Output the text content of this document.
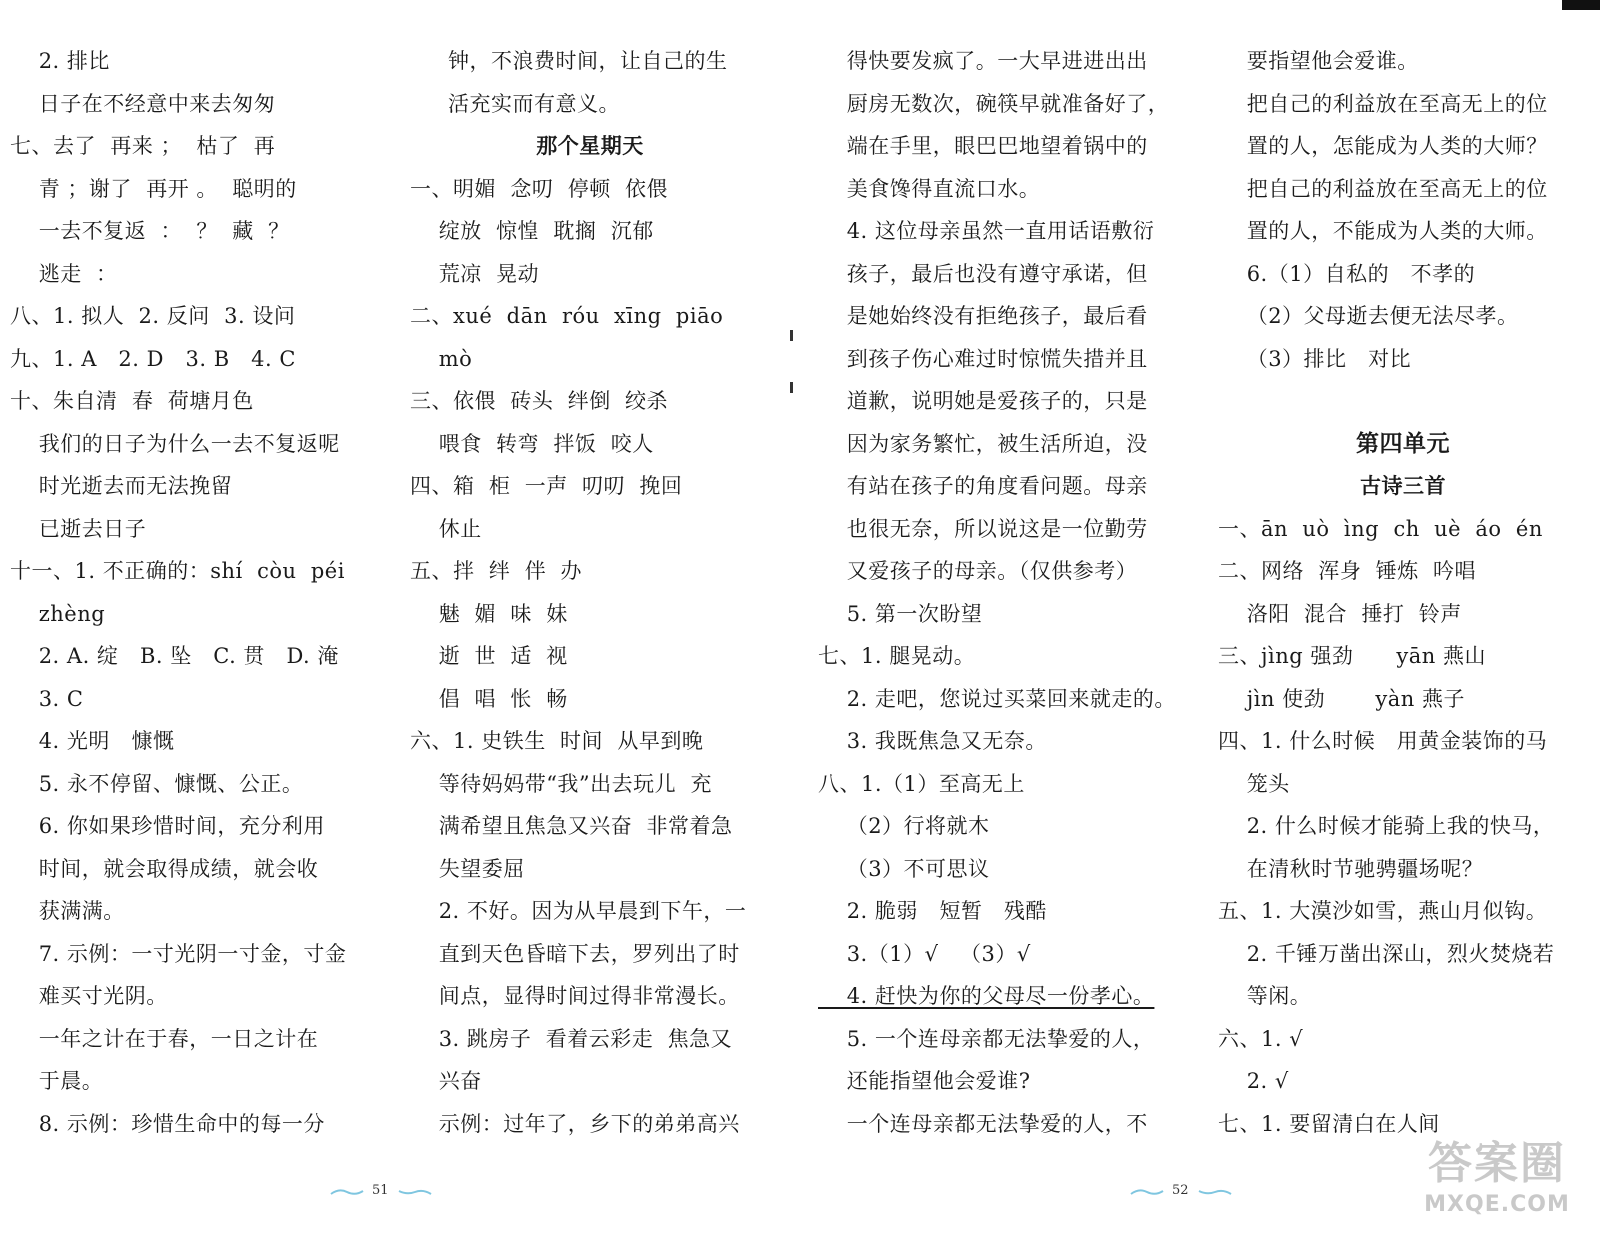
2. 排比
日子在不经意中来去匆匆
七、去了  再来 ；  枯了  再
青 ；谢了  再开 。  聪明的
一去不复返  ：  ？  藏  ？
逃走  ：
八、1. 拟人  2. 反问  3. 设问
九、1. A   2. D   3. B   4. C
十、朱自清  春  荷塘月色
我们的日子为什么一去不复返呢
时光逝去而无法挽留
已逝去日子
十一、1. 不正确的：shí  còu  péi
zhèng
2. A. 绽   B. 坠   C. 贯   D. 淹
3. C
4. 光明   慷慨
5. 永不停留、慷慨、公正。
6. 你如果珍惜时间，充分利用
时间，就会取得成绩，就会收
获满满。
7. 示例：一寸光阴一寸金，寸金
难买寸光阴。
一年之计在于春，一日之计在
于晨。
8. 示例：珍惜生命中的每一分
钟，不浪费时间，让自己的生
活充实而有意义。
那个星期天
一、明媚  念叨  停顿  依偎
绽放  惊惶  耽搁  沉郁
荒凉  晃动
二、xué  dān  róu  xīng  piāo
mò
三、依偎  砖头  绊倒  绞杀
喂食  转弯  拌饭  咬人
四、箱  柜  一声  叨叨  挽回
休止
五、拌  绊  伴  办
魅  媚  味  妹
逝  世  适  视
倡  唱  怅  畅
六、1. 史铁生  时间  从早到晚
等待妈妈带“我”出去玩儿  充
满希望且焦急又兴奋  非常着急
失望委屈
2. 不好。因为从早晨到下午，一
直到天色昏暗下去，罗列出了时
间点，显得时间过得非常漫长。
3. 跳房子  看着云彩走  焦急又
兴奋
示例：过年了，乡下的弟弟高兴
51
得快要发疯了。一大早进进出出
厨房无数次，碗筷早就准备好了，
端在手里，眼巴巴地望着锅中的
美食馋得直流口水。
4. 这位母亲虽然一直用话语敷衍
孩子，最后也没有遵守承诺，但
是她始终没有拒绝孩子，最后看
到孩子伤心难过时惊慌失措并且
道歉，说明她是爱孩子的，只是
因为家务繁忙，被生活所迫，没
有站在孩子的角度看问题。母亲
也很无奈，所以说这是一位勤劳
又爱孩子的母亲。（仅供参考）
5. 第一次盼望
七、1. 腿晃动。
2. 走吧，您说过买菜回来就走的。
3. 我既焦急又无奈。
八、1.（1）至高无上
（2）行将就木
（3）不可思议
2. 脆弱   短暂   残酷
3.（1）√   （3）√
4. 赶快为你的父母尽一份孝心。
5. 一个连母亲都无法挚爱的人，
还能指望他会爱谁?
一个连母亲都无法挚爱的人，不
要指望他会爱谁。
把自己的利益放在至高无上的位
置的人，怎能成为人类的大师？
把自己的利益放在至高无上的位
置的人，不能成为人类的大师。
6.（1）自私的   不孝的
（2）父母逝去便无法尽孝。
（3）排比   对比
第四单元
古诗三首
一、ān  uò  ìng  ch  uè  áo  én
二、网络  浑身  锤炼  吟唱
洛阳  混合  捶打  铃声
三、jìng 强劲      yān 燕山
jìn 使劲       yàn 燕子
四、1. 什么时候   用黄金装饰的马
笼头
2. 什么时候才能骑上我的快马，
在清秋时节驰骋疆场呢？
五、1. 大漠沙如雪，燕山月似钩。
2. 千锤万凿出深山，烈火焚烧若
等闲。
六、1. √
2. √
七、1. 要留清白在人间
52
答案圈
MXQE.COM
